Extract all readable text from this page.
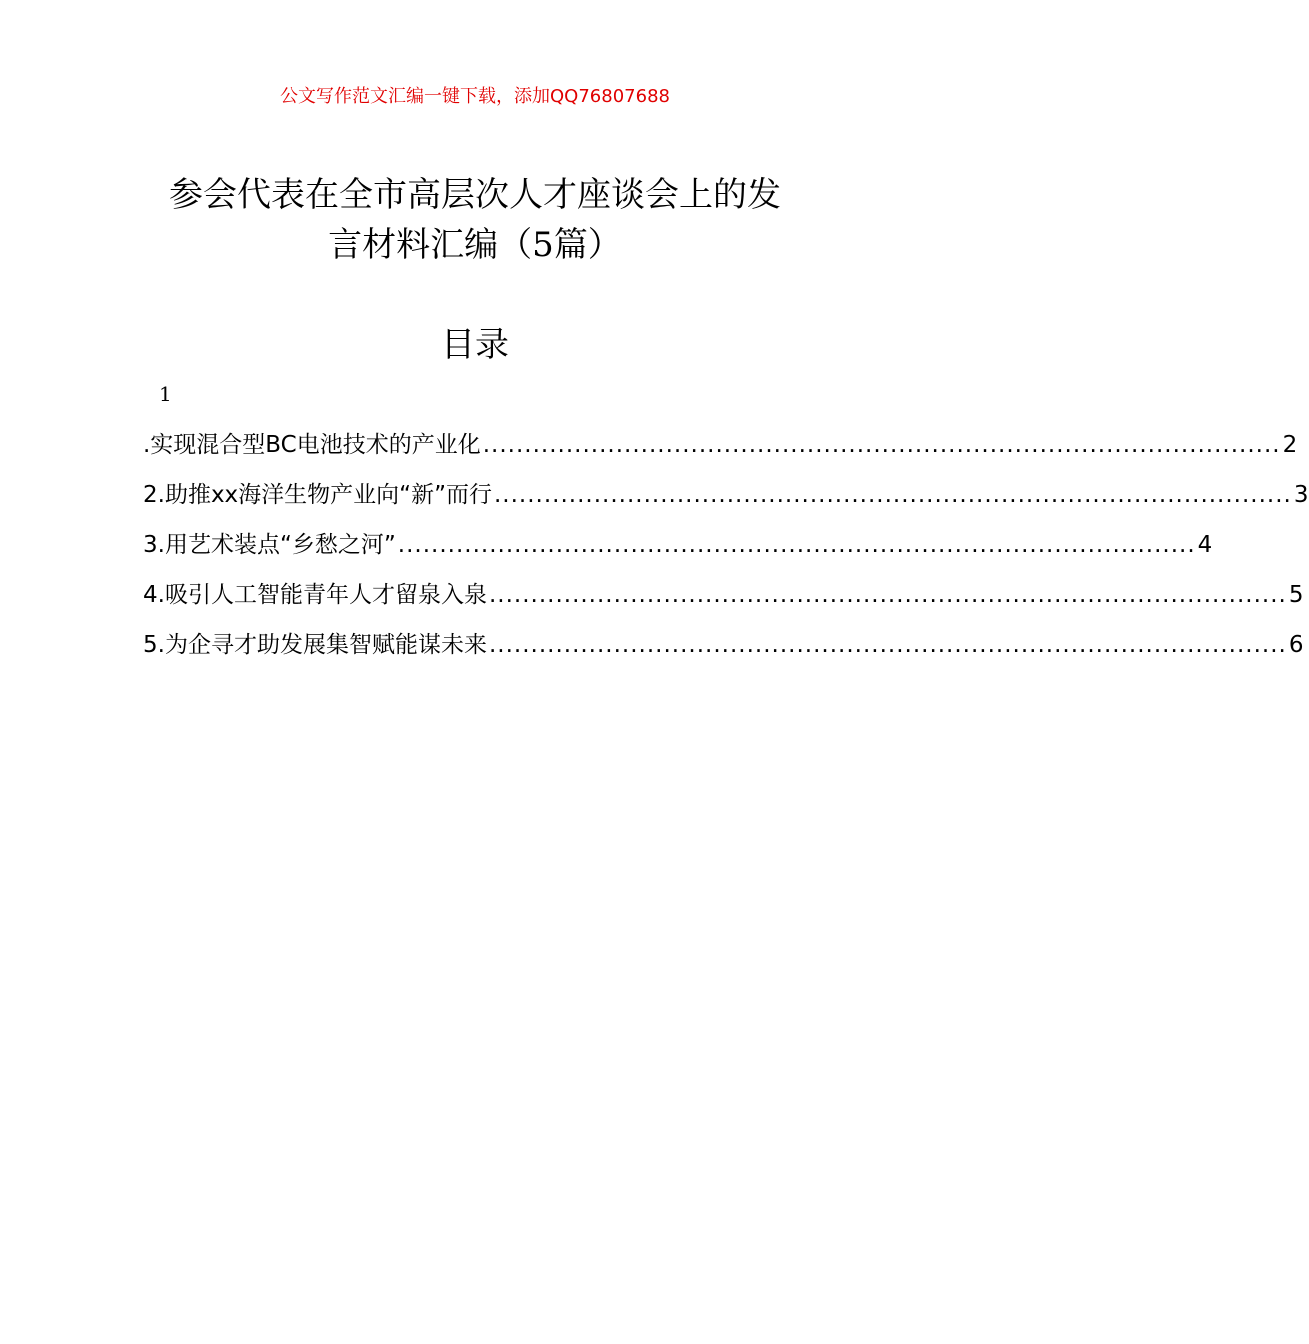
公文写作范文汇编一键下载，添加QQ76807688
参会代表在全市高层次人才座谈会上的发
言材料汇编（5篇）
目录
1
.实现混合型BC电池技术的产业化 ................................................................................................ 2
2.助推xx海洋生物产业向“新”而行 ................................................................................................ 3
3.用艺术装点“乡愁之河” ................................................................................................ 4
4.吸引人工智能青年人才留泉入泉 ................................................................................................ 5
5.为企寻才助发展集智赋能谋未来 ................................................................................................ 6
